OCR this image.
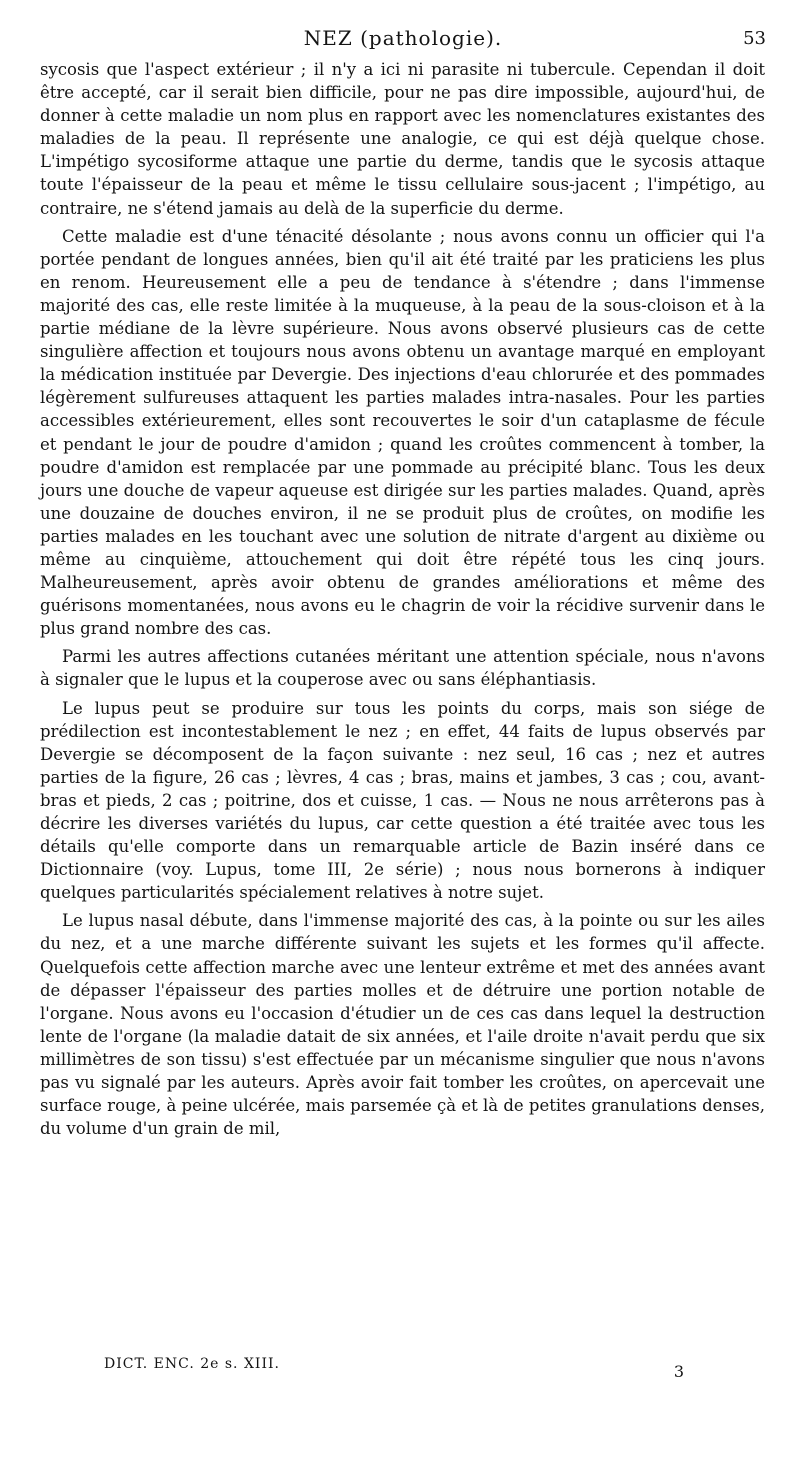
NEZ (pathologie).	53

sycosis que l'aspect extérieur ; il n'y a ici ni parasite ni tubercule. Cependan il doit être accepté, car il serait bien difficile, pour ne pas dire impossible, aujourd'hui, de donner à cette maladie un nom plus en rapport avec les nomenclatures existantes des maladies de la peau. Il représente une analogie, ce qui est déjà quelque chose. L'impétigo sycosiforme attaque une partie du derme, tandis que le sycosis attaque toute l'épaisseur de la peau et même le tissu cellulaire sous-jacent ; l'impétigo, au contraire, ne s'étend jamais au delà de la superficie du derme.

Cette maladie est d'une ténacité désolante ; nous avons connu un officier qui l'a portée pendant de longues années, bien qu'il ait été traité par les praticiens les plus en renom. Heureusement elle a peu de tendance à s'étendre ; dans l'immense majorité des cas, elle reste limitée à la muqueuse, à la peau de la sous-cloison et à la partie médiane de la lèvre supérieure. Nous avons observé plusieurs cas de cette singulière affection et toujours nous avons obtenu un avantage marqué en employant la médication instituée par Devergie. Des injections d'eau chlorurée et des pommades légèrement sulfureuses attaquent les parties malades intra-nasales. Pour les parties accessibles extérieurement, elles sont recouvertes le soir d'un cataplasme de fécule et pendant le jour de poudre d'amidon ; quand les croûtes commencent à tomber, la poudre d'amidon est remplacée par une pommade au précipité blanc. Tous les deux jours une douche de vapeur aqueuse est dirigée sur les parties malades. Quand, après une douzaine de douches environ, il ne se produit plus de croûtes, on modifie les parties malades en les touchant avec une solution de nitrate d'argent au dixième ou même au cinquième, attouchement qui doit être répété tous les cinq jours. Malheureusement, après avoir obtenu de grandes améliorations et même des guérisons momentanées, nous avons eu le chagrin de voir la récidive survenir dans le plus grand nombre des cas.

Parmi les autres affections cutanées méritant une attention spéciale, nous n'avons à signaler que le lupus et la couperose avec ou sans éléphantiasis.

Le lupus peut se produire sur tous les points du corps, mais son siége de prédilection est incontestablement le nez ; en effet, 44 faits de lupus observés par Devergie se décomposent de la façon suivante : nez seul, 16 cas ; nez et autres parties de la figure, 26 cas ; lèvres, 4 cas ; bras, mains et jambes, 3 cas ; cou, avant-bras et pieds, 2 cas ; poitrine, dos et cuisse, 1 cas. — Nous ne nous arrêterons pas à décrire les diverses variétés du lupus, car cette question a été traitée avec tous les détails qu'elle comporte dans un remarquable article de Bazin inséré dans ce Dictionnaire (voy. Lupus, tome III, 2e série) ; nous nous bornerons à indiquer quelques particularités spécialement relatives à notre sujet.

Le lupus nasal débute, dans l'immense majorité des cas, à la pointe ou sur les ailes du nez, et a une marche différente suivant les sujets et les formes qu'il affecte. Quelquefois cette affection marche avec une lenteur extrême et met des années avant de dépasser l'épaisseur des parties molles et de détruire une portion notable de l'organe. Nous avons eu l'occasion d'étudier un de ces cas dans lequel la destruction lente de l'organe (la maladie datait de six années, et l'aile droite n'avait perdu que six millimètres de son tissu) s'est effectuée par un mécanisme singulier que nous n'avons pas vu signalé par les auteurs. Après avoir fait tomber les croûtes, on apercevait une surface rouge, à peine ulcérée, mais parsemée çà et là de petites granulations denses, du volume d'un grain de mil,

DICT. ENC. 2e s. XIII.	3
